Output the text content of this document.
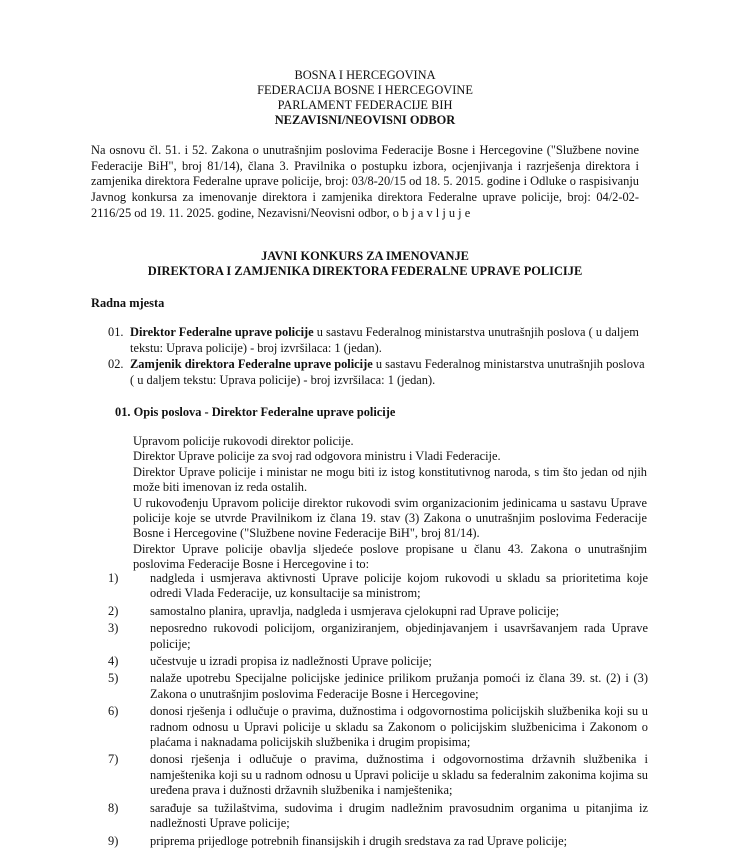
BOSNA I HERCEGOVINA
FEDERACIJA BOSNE I HERCEGOVINE
PARLAMENT FEDERACIJE BIH
NEZAVISNI/NEOVISNI ODBOR
Na osnovu čl. 51. i 52. Zakona o unutrašnjim poslovima Federacije Bosne i Hercegovine ("Službene novine Federacije BiH", broj 81/14), člana 3. Pravilnika o postupku izbora, ocjenjivanja i razrješenja direktora i zamjenika direktora Federalne uprave policije, broj: 03/8-20/15 od 18. 5. 2015. godine i Odluke o raspisivanju Javnog konkursa za imenovanje direktora i zamjenika direktora Federalne uprave policije, broj: 04/2-02-2116/25 od 19. 11. 2025. godine, Nezavisni/Neovisni odbor, o b j a v l j u j e
JAVNI KONKURS ZA IMENOVANJE
DIREKTORA I ZAMJENIKA DIREKTORA FEDERALNE UPRAVE POLICIJE
Radna mjesta
01. Direktor Federalne uprave policije u sastavu Federalnog ministarstva unutrašnjih poslova ( u daljem tekstu: Uprava policije) - broj izvršilaca: 1 (jedan).
02. Zamjenik direktora Federalne uprave policije u sastavu Federalnog ministarstva unutrašnjih poslova ( u daljem tekstu: Uprava policije) - broj izvršilaca: 1 (jedan).
01. Opis poslova - Direktor Federalne uprave policije

Upravom policije rukovodi direktor policije.

Direktor Uprave policije za svoj rad odgovora ministru i Vladi Federacije.

Direktor Uprave policije i ministar ne mogu biti iz istog konstitutivnog naroda, s tim što jedan od njih može biti imenovan iz reda ostalih.

U rukovođenju Upravom policije direktor rukovodi svim organizacionim jedinicama u sastavu Uprave policije koje se utvrde Pravilnikom iz člana 19. stav (3) Zakona o unutrašnjim poslovima Federacije Bosne i Hercegovine ("Službene novine Federacije BiH", broj 81/14).

Direktor Uprave policije obavlja sljedeće poslove propisane u članu 43. Zakona o unutrašnjim poslovima Federacije Bosne i Hercegovine i to:

1)	nadgleda i usmjerava aktivnosti Uprave policije kojom rukovodi u skladu sa prioritetima koje odredi Vlada Federacije, uz konsultacije sa ministrom;
2)	samostalno planira, upravlja, nadgleda i usmjerava cjelokupni rad Uprave policije;
3)	neposredno rukovodi policijom, organiziranjem, objedinjavanjem i usavršavanjem rada Uprave policije;
4)	učestvuje u izradi propisa iz nadležnosti Uprave policije;
5)	nalaže upotrebu Specijalne policijske jedinice prilikom pružanja pomoći iz člana 39. st. (2) i (3) Zakona o unutrašnjim poslovima Federacije Bosne i Hercegovine;
6)	donosi rješenja i odlučuje o pravima, dužnostima i odgovornostima policijskih službenika koji su u radnom odnosu u Upravi policije u skladu sa Zakonom o policijskim službenicima i Zakonom o plaćama i naknadama policijskih službenika i drugim propisima;
7)	donosi rješenja i odlučuje o pravima, dužnostima i odgovornostima državnih službenika i namještenika koji su u radnom odnosu u Upravi policije u skladu sa federalnim zakonima kojima su uređena prava i dužnosti državnih službenika i namještenika;
8)	sarađuje sa tužilaštvima, sudovima i drugim nadležnim pravosudnim organima u pitanjima iz nadležnosti Uprave policije;
9)	priprema prijedloge potrebnih finansijskih i drugih sredstava za rad Uprave policije;
